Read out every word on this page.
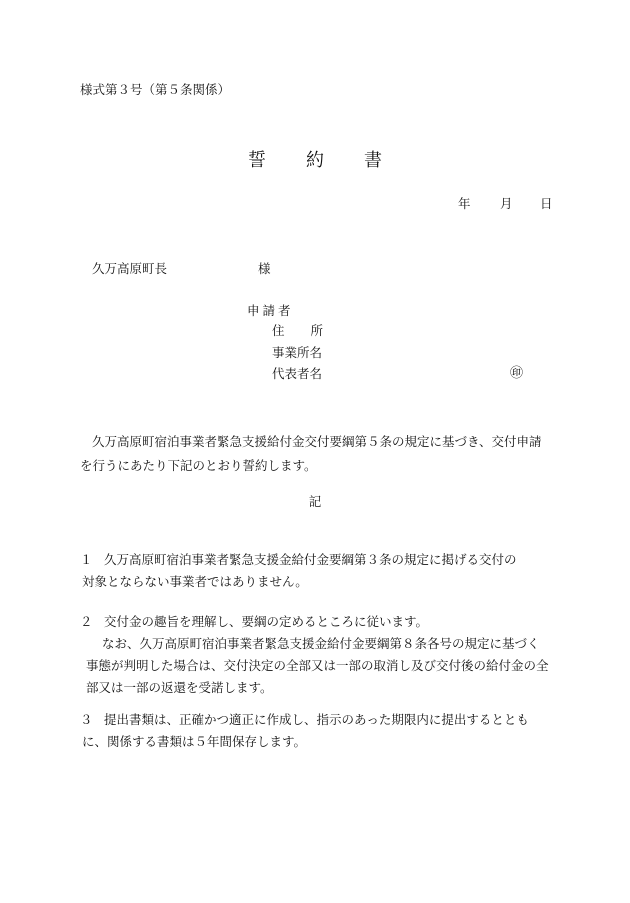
様式第３号（第５条関係）
誓 約 書
年 月 日
久万高原町長	様
申請者
住 所
事業所名
代表者名	㊞
久万高原町宿泊事業者緊急支援給付金交付要綱第５条の規定に基づき、交付申請を行うにあたり下記のとおり誓約します。
記
１ 久万高原町宿泊事業者緊急支援金給付金要綱第３条の規定に掲げる交付の
対象とならない事業者ではありません。
２ 交付金の趣旨を理解し、要綱の定めるところに従います。
なお、久万高原町宿泊事業者緊急支援金給付金要綱第８条各号の規定に基づく事態が判明した場合は、交付決定の全部又は一部の取消し及び交付後の給付金の全部又は一部の返還を受諾します。
３ 提出書類は、正確かつ適正に作成し、指示のあった期限内に提出するととも
に、関係する書類は５年間保存します。
